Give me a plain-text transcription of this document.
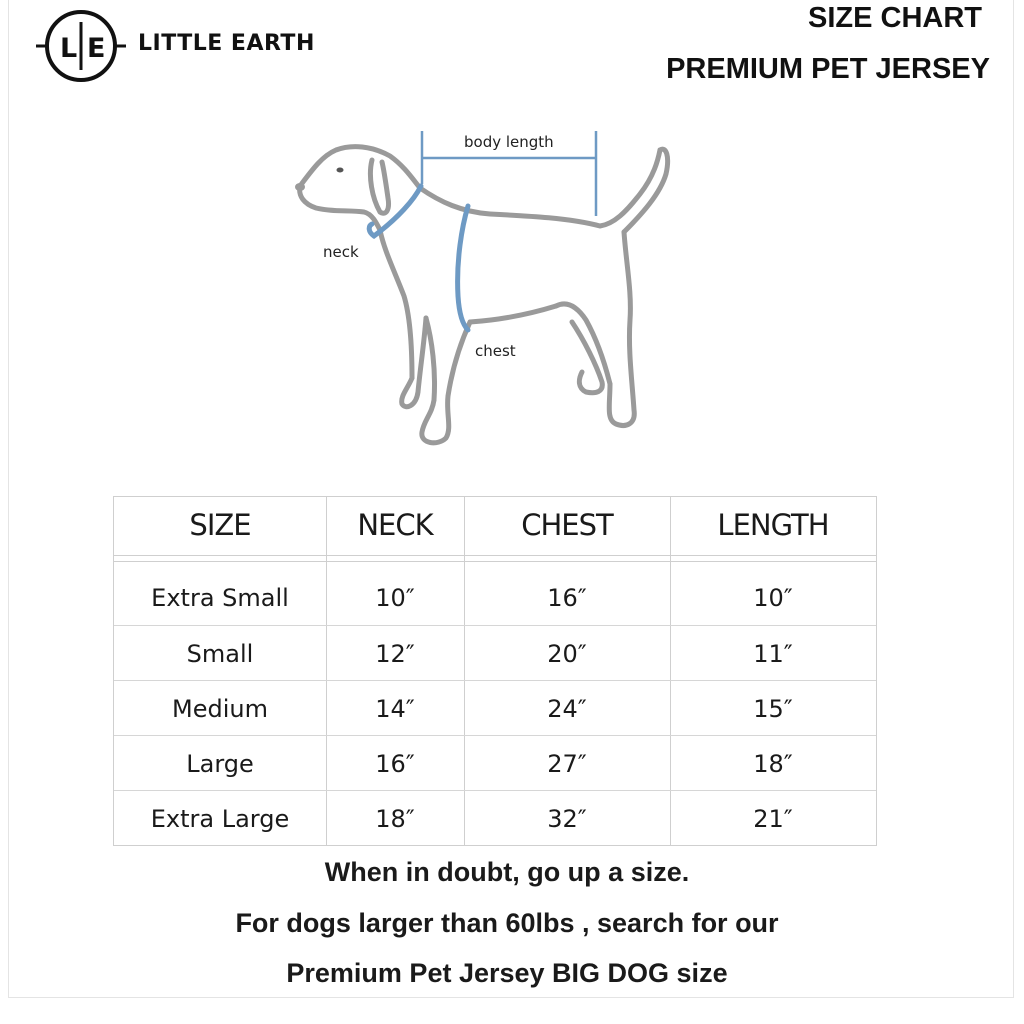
L E LITTLE EARTH
SIZE CHART
PREMIUM PET JERSEY
body length
neck
chest
SIZE	NECK	CHEST	LENGTH
Extra Small	10″	16″	10″
Small	12″	20″	11″
Medium	14″	24″	15″
Large	16″	27″	18″
Extra Large	18″	32″	21″
When in doubt, go up a size.
For dogs larger than 60lbs , search for our
Premium Pet Jersey BIG DOG size
